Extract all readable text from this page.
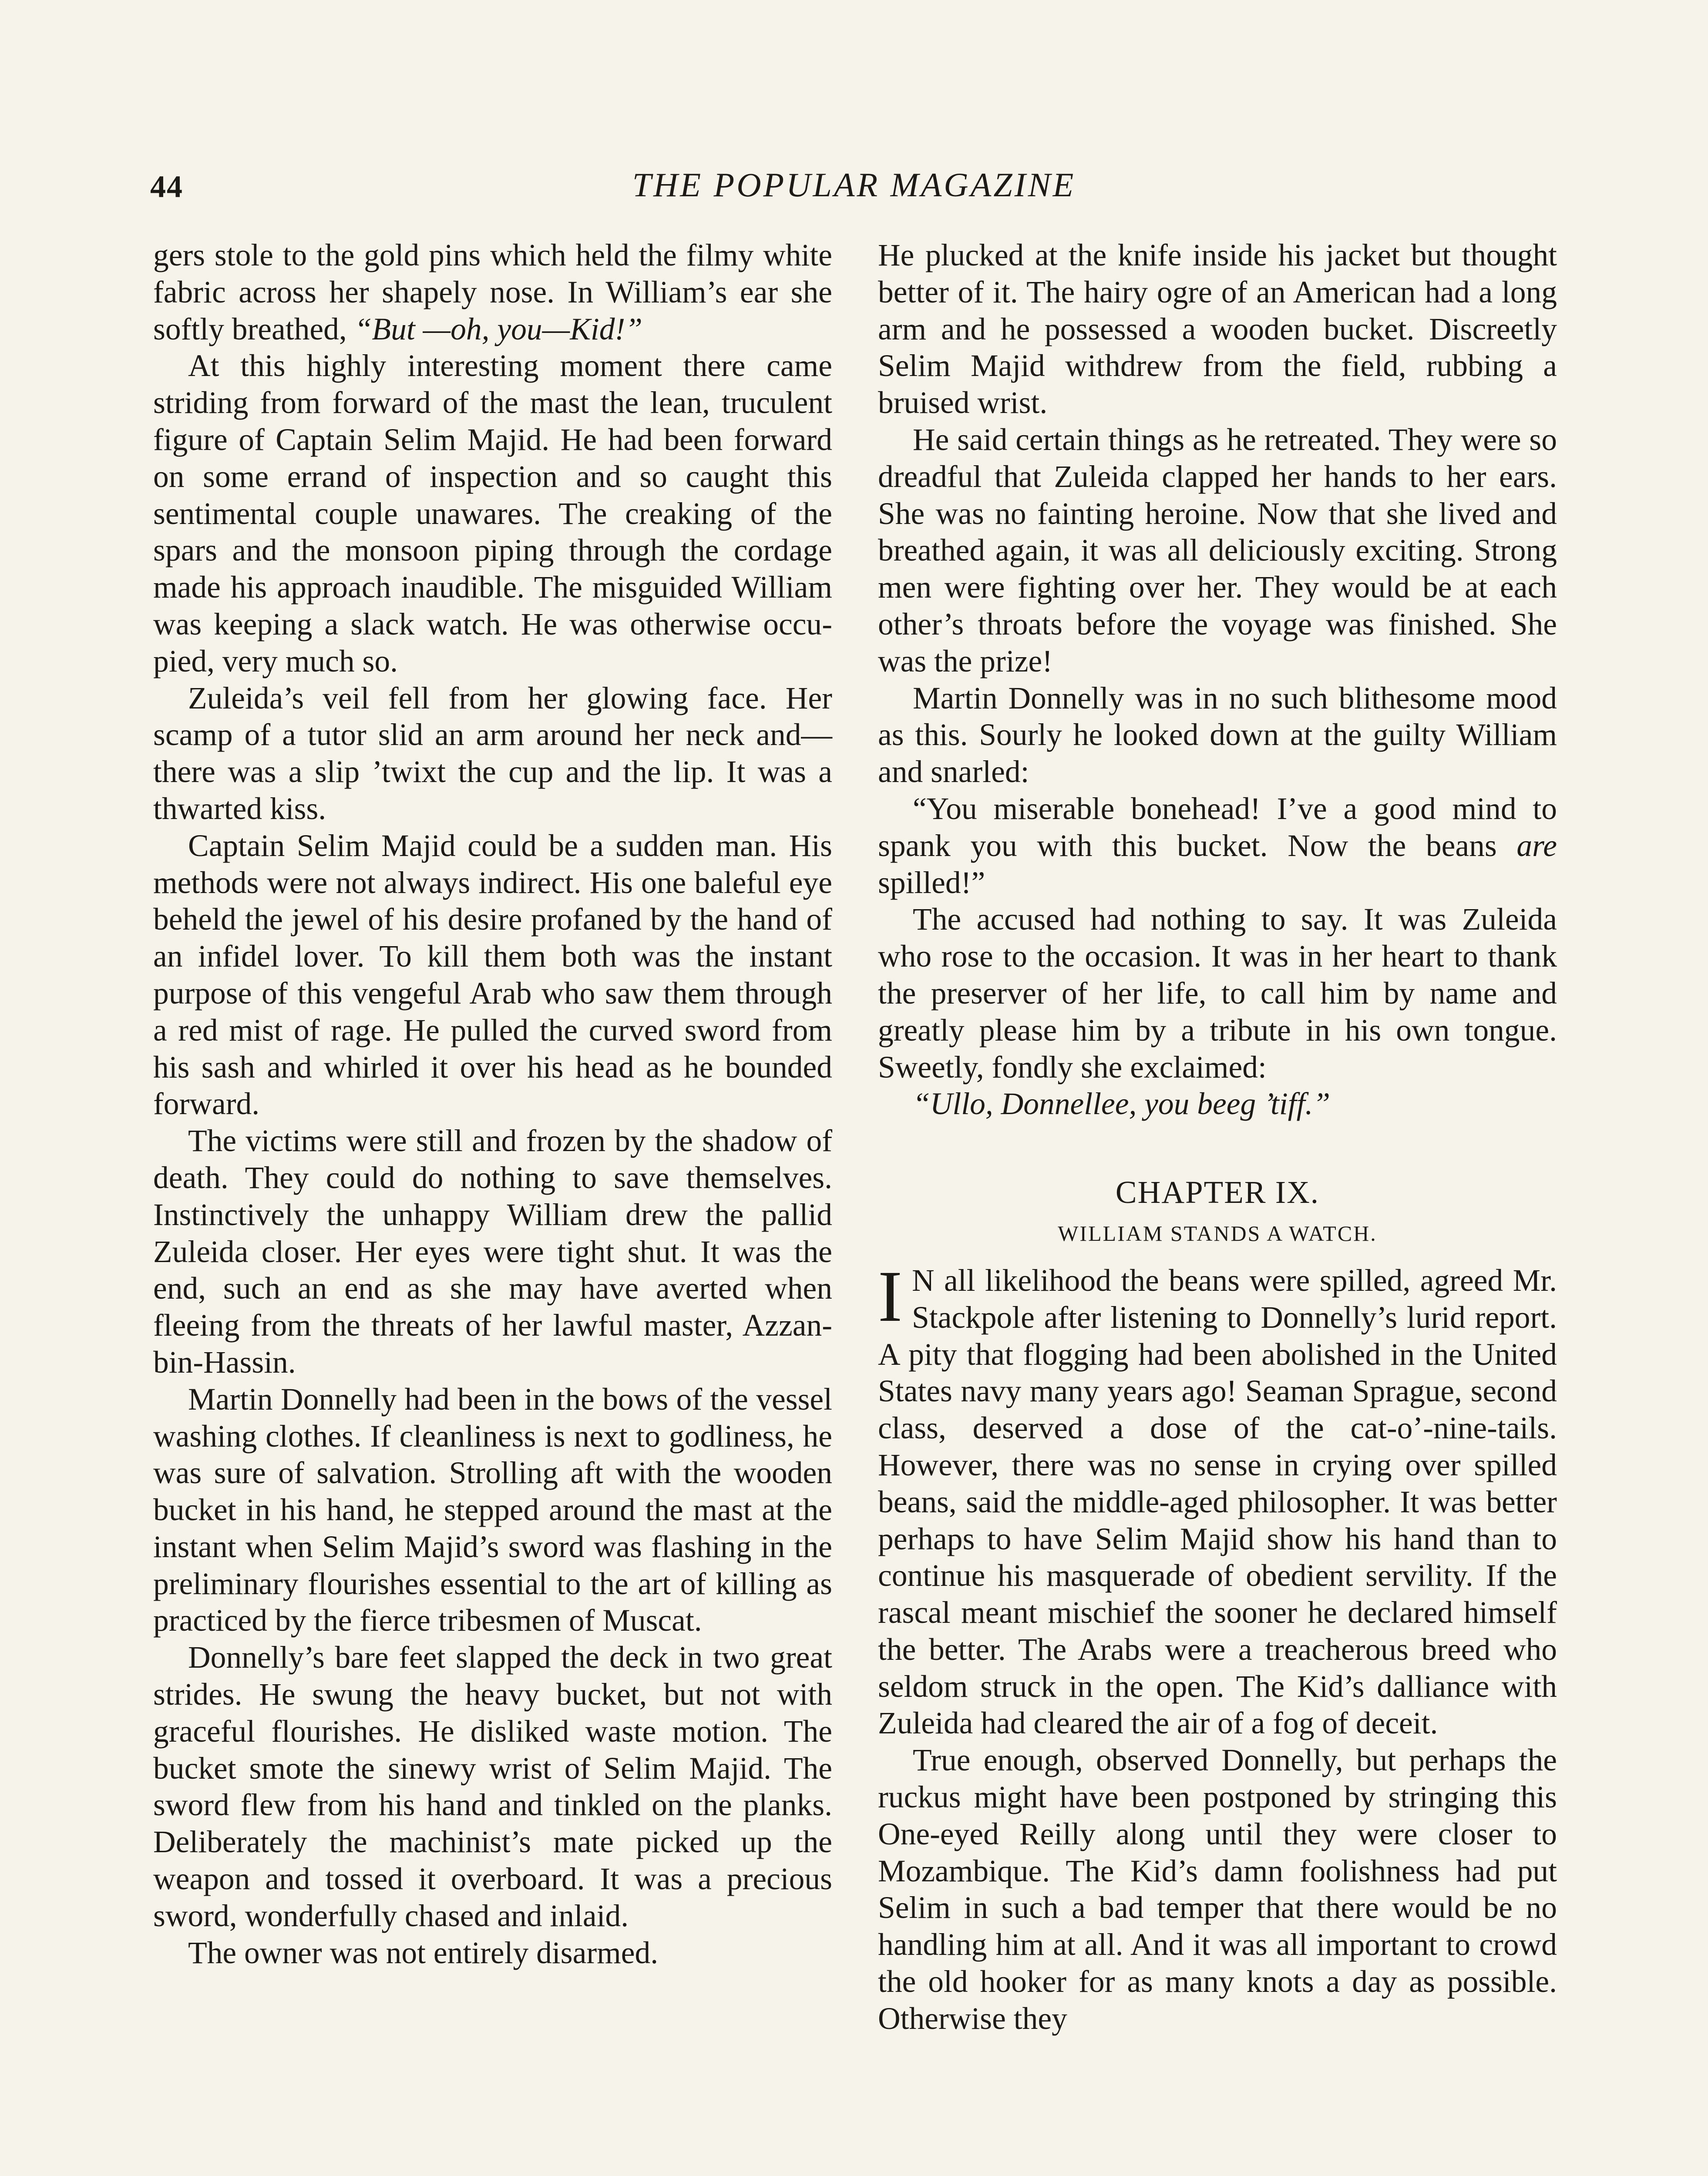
44	THE POPULAR MAGAZINE

gers stole to the gold pins which held the filmy white fabric across her shapely nose. In William’s ear she softly breathed, “But —oh, you—Kid!”

At this highly interesting moment there came striding from forward of the mast the lean, truculent figure of Captain Selim Majid. He had been forward on some errand of inspection and so caught this sentimental couple unawares. The creaking of the spars and the monsoon piping through the cordage made his approach inaudible. The misguided William was keeping a slack watch. He was otherwise occupied, very much so.

Zuleida’s veil fell from her glowing face. Her scamp of a tutor slid an arm around her neck and—there was a slip ’twixt the cup and the lip. It was a thwarted kiss.

Captain Selim Majid could be a sudden man. His methods were not always indirect. His one baleful eye beheld the jewel of his desire profaned by the hand of an infidel lover. To kill them both was the instant purpose of this vengeful Arab who saw them through a red mist of rage. He pulled the curved sword from his sash and whirled it over his head as he bounded forward.

The victims were still and frozen by the shadow of death. They could do nothing to save themselves. Instinctively the unhappy William drew the pallid Zuleida closer. Her eyes were tight shut. It was the end, such an end as she may have averted when fleeing from the threats of her lawful master, Azzan-bin-Hassin.

Martin Donnelly had been in the bows of the vessel washing clothes. If cleanliness is next to godliness, he was sure of salvation. Strolling aft with the wooden bucket in his hand, he stepped around the mast at the instant when Selim Majid’s sword was flashing in the preliminary flourishes essential to the art of killing as practiced by the fierce tribesmen of Muscat.

Donnelly’s bare feet slapped the deck in two great strides. He swung the heavy bucket, but not with graceful flourishes. He disliked waste motion. The bucket smote the sinewy wrist of Selim Majid. The sword flew from his hand and tinkled on the planks. Deliberately the machinist’s mate picked up the weapon and tossed it overboard. It was a precious sword, wonderfully chased and inlaid.

The owner was not entirely disarmed.

He plucked at the knife inside his jacket but thought better of it. The hairy ogre of an American had a long arm and he possessed a wooden bucket. Discreetly Selim Majid withdrew from the field, rubbing a bruised wrist.

He said certain things as he retreated. They were so dreadful that Zuleida clapped her hands to her ears. She was no fainting heroine. Now that she lived and breathed again, it was all deliciously exciting. Strong men were fighting over her. They would be at each other’s throats before the voyage was finished. She was the prize!

Martin Donnelly was in no such blithesome mood as this. Sourly he looked down at the guilty William and snarled:

“You miserable bonehead! I’ve a good mind to spank you with this bucket. Now the beans are spilled!”

The accused had nothing to say. It was Zuleida who rose to the occasion. It was in her heart to thank the preserver of her life, to call him by name and greatly please him by a tribute in his own tongue. Sweetly, fondly she exclaimed:

“Ullo, Donnellee, you beeg ’tiff.”

CHAPTER IX.
WILLIAM STANDS A WATCH.

I N all likelihood the beans were spilled, agreed Mr. Stackpole after listening to Donnelly’s lurid report. A pity that flogging had been abolished in the United States navy many years ago! Seaman Sprague, second class, deserved a dose of the cat-o’-nine-tails. However, there was no sense in crying over spilled beans, said the middle-aged philosopher. It was better perhaps to have Selim Majid show his hand than to continue his masquerade of obedient servility. If the rascal meant mischief the sooner he declared himself the better. The Arabs were a treacherous breed who seldom struck in the open. The Kid’s dalliance with Zuleida had cleared the air of a fog of deceit.

True enough, observed Donnelly, but perhaps the ruckus might have been postponed by stringing this One-eyed Reilly along until they were closer to Mozambique. The Kid’s damn foolishness had put Selim in such a bad temper that there would be no handling him at all. And it was all important to crowd the old hooker for as many knots a day as possible. Otherwise they
